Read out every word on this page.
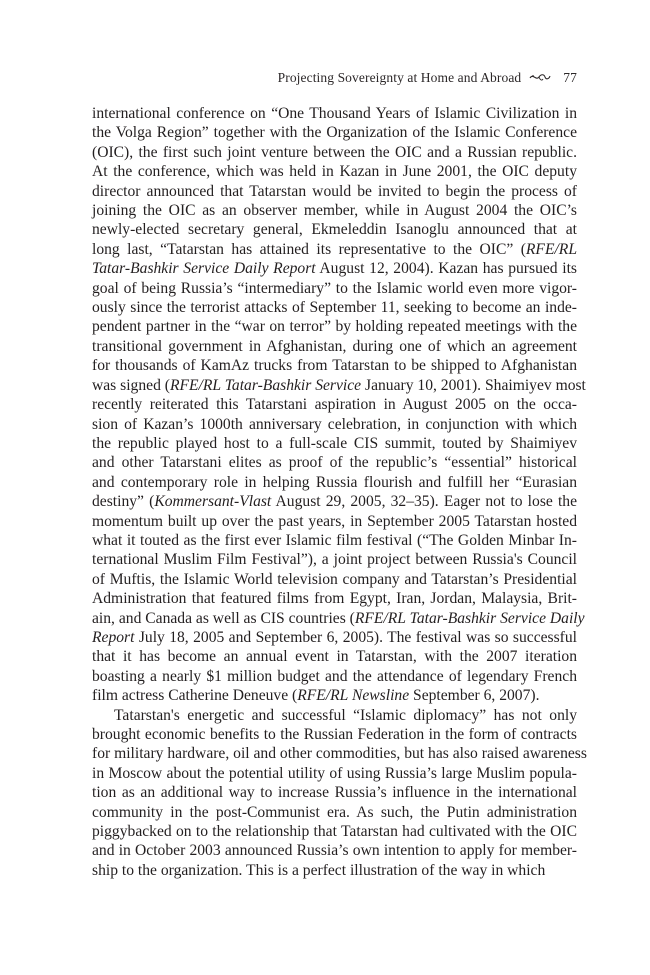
Projecting Sovereignty at Home and Abroad	77

international conference on “One Thousand Years of Islamic Civilization in
the Volga Region” together with the Organization of the Islamic Conference
(OIC), the first such joint venture between the OIC and a Russian republic.
At the conference, which was held in Kazan in June 2001, the OIC deputy
director announced that Tatarstan would be invited to begin the process of
joining the OIC as an observer member, while in August 2004 the OIC’s
newly-elected secretary general, Ekmeleddin Isanoglu announced that at
long last, “Tatarstan has attained its representative to the OIC” (RFE/RL
Tatar-Bashkir Service Daily Report August 12, 2004). Kazan has pursued its
goal of being Russia’s “intermediary” to the Islamic world even more vigor-
ously since the terrorist attacks of September 11, seeking to become an inde-
pendent partner in the “war on terror” by holding repeated meetings with the
transitional government in Afghanistan, during one of which an agreement
for thousands of KamAz trucks from Tatarstan to be shipped to Afghanistan
was signed (RFE/RL Tatar-Bashkir Service January 10, 2001). Shaimiyev most
recently reiterated this Tatarstani aspiration in August 2005 on the occa-
sion of Kazan’s 1000th anniversary celebration, in conjunction with which
the republic played host to a full-scale CIS summit, touted by Shaimiyev
and other Tatarstani elites as proof of the republic’s “essential” historical
and contemporary role in helping Russia flourish and fulfill her “Eurasian
destiny” (Kommersant-Vlast August 29, 2005, 32–35). Eager not to lose the
momentum built up over the past years, in September 2005 Tatarstan hosted
what it touted as the first ever Islamic film festival (“The Golden Minbar In-
ternational Muslim Film Festival”), a joint project between Russia's Council
of Muftis, the Islamic World television company and Tatarstan’s Presidential
Administration that featured films from Egypt, Iran, Jordan, Malaysia, Brit-
ain, and Canada as well as CIS countries (RFE/RL Tatar-Bashkir Service Daily
Report July 18, 2005 and September 6, 2005). The festival was so successful
that it has become an annual event in Tatarstan, with the 2007 iteration
boasting a nearly $1 million budget and the attendance of legendary French
film actress Catherine Deneuve (RFE/RL Newsline September 6, 2007).

Tatarstan's energetic and successful “Islamic diplomacy” has not only
brought economic benefits to the Russian Federation in the form of contracts
for military hardware, oil and other commodities, but has also raised awareness
in Moscow about the potential utility of using Russia’s large Muslim popula-
tion as an additional way to increase Russia’s influence in the international
community in the post-Communist era. As such, the Putin administration
piggybacked on to the relationship that Tatarstan had cultivated with the OIC
and in October 2003 announced Russia’s own intention to apply for member-
ship to the organization. This is a perfect illustration of the way in which
